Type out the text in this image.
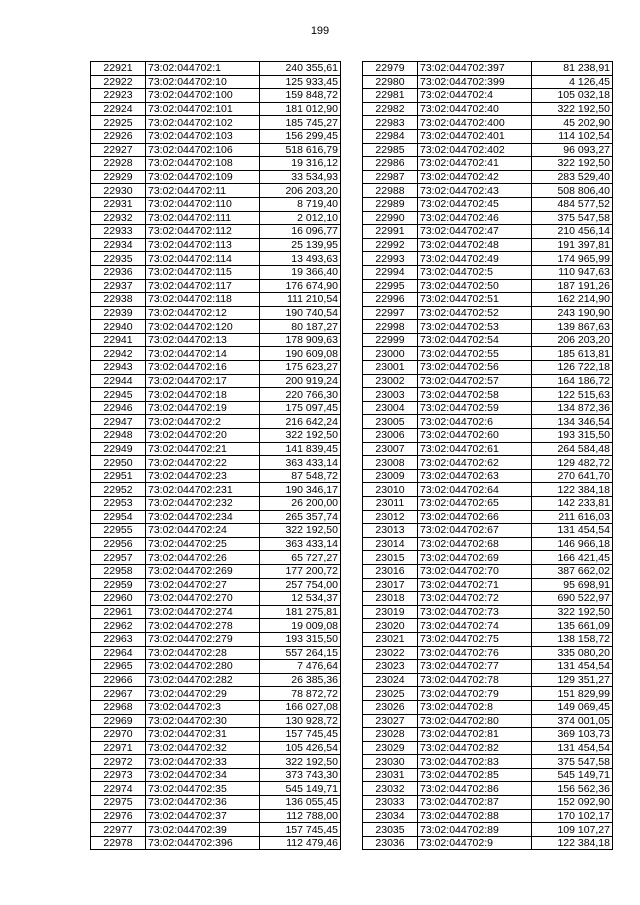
199
22921	73:02:044702:1	240 355,61
22922	73:02:044702:10	125 933,45
22923	73:02:044702:100	159 848,72
22924	73:02:044702:101	181 012,90
22925	73:02:044702:102	185 745,27
22926	73:02:044702:103	156 299,45
22927	73:02:044702:106	518 616,79
22928	73:02:044702:108	19 316,12
22929	73:02:044702:109	33 534,93
22930	73:02:044702:11	206 203,20
22931	73:02:044702:110	8 719,40
22932	73:02:044702:111	2 012,10
22933	73:02:044702:112	16 096,77
22934	73:02:044702:113	25 139,95
22935	73:02:044702:114	13 493,63
22936	73:02:044702:115	19 366,40
22937	73:02:044702:117	176 674,90
22938	73:02:044702:118	111 210,54
22939	73:02:044702:12	190 740,54
22940	73:02:044702:120	80 187,27
22941	73:02:044702:13	178 909,63
22942	73:02:044702:14	190 609,08
22943	73:02:044702:16	175 623,27
22944	73:02:044702:17	200 919,24
22945	73:02:044702:18	220 766,30
22946	73:02:044702:19	175 097,45
22947	73:02:044702:2	216 642,24
22948	73:02:044702:20	322 192,50
22949	73:02:044702:21	141 839,45
22950	73:02:044702:22	363 433,14
22951	73:02:044702:23	87 548,72
22952	73:02:044702:231	190 346,17
22953	73:02:044702:232	26 200,00
22954	73:02:044702:234	265 357,74
22955	73:02:044702:24	322 192,50
22956	73:02:044702:25	363 433,14
22957	73:02:044702:26	65 727,27
22958	73:02:044702:269	177 200,72
22959	73:02:044702:27	257 754,00
22960	73:02:044702:270	12 534,37
22961	73:02:044702:274	181 275,81
22962	73:02:044702:278	19 009,08
22963	73:02:044702:279	193 315,50
22964	73:02:044702:28	557 264,15
22965	73:02:044702:280	7 476,64
22966	73:02:044702:282	26 385,36
22967	73:02:044702:29	78 872,72
22968	73:02:044702:3	166 027,08
22969	73:02:044702:30	130 928,72
22970	73:02:044702:31	157 745,45
22971	73:02:044702:32	105 426,54
22972	73:02:044702:33	322 192,50
22973	73:02:044702:34	373 743,30
22974	73:02:044702:35	545 149,71
22975	73:02:044702:36	136 055,45
22976	73:02:044702:37	112 788,00
22977	73:02:044702:39	157 745,45
22978	73:02:044702:396	112 479,46
22979	73:02:044702:397	81 238,91
22980	73:02:044702:399	4 126,45
22981	73:02:044702:4	105 032,18
22982	73:02:044702:40	322 192,50
22983	73:02:044702:400	45 202,90
22984	73:02:044702:401	114 102,54
22985	73:02:044702:402	96 093,27
22986	73:02:044702:41	322 192,50
22987	73:02:044702:42	283 529,40
22988	73:02:044702:43	508 806,40
22989	73:02:044702:45	484 577,52
22990	73:02:044702:46	375 547,58
22991	73:02:044702:47	210 456,14
22992	73:02:044702:48	191 397,81
22993	73:02:044702:49	174 965,99
22994	73:02:044702:5	110 947,63
22995	73:02:044702:50	187 191,26
22996	73:02:044702:51	162 214,90
22997	73:02:044702:52	243 190,90
22998	73:02:044702:53	139 867,63
22999	73:02:044702:54	206 203,20
23000	73:02:044702:55	185 613,81
23001	73:02:044702:56	126 722,18
23002	73:02:044702:57	164 186,72
23003	73:02:044702:58	122 515,63
23004	73:02:044702:59	134 872,36
23005	73:02:044702:6	134 346,54
23006	73:02:044702:60	193 315,50
23007	73:02:044702:61	264 584,48
23008	73:02:044702:62	129 482,72
23009	73:02:044702:63	270 641,70
23010	73:02:044702:64	122 384,18
23011	73:02:044702:65	142 233,81
23012	73:02:044702:66	211 616,03
23013	73:02:044702:67	131 454,54
23014	73:02:044702:68	146 966,18
23015	73:02:044702:69	166 421,45
23016	73:02:044702:70	387 662,02
23017	73:02:044702:71	95 698,91
23018	73:02:044702:72	690 522,97
23019	73:02:044702:73	322 192,50
23020	73:02:044702:74	135 661,09
23021	73:02:044702:75	138 158,72
23022	73:02:044702:76	335 080,20
23023	73:02:044702:77	131 454,54
23024	73:02:044702:78	129 351,27
23025	73:02:044702:79	151 829,99
23026	73:02:044702:8	149 069,45
23027	73:02:044702:80	374 001,05
23028	73:02:044702:81	369 103,73
23029	73:02:044702:82	131 454,54
23030	73:02:044702:83	375 547,58
23031	73:02:044702:85	545 149,71
23032	73:02:044702:86	156 562,36
23033	73:02:044702:87	152 092,90
23034	73:02:044702:88	170 102,17
23035	73:02:044702:89	109 107,27
23036	73:02:044702:9	122 384,18
